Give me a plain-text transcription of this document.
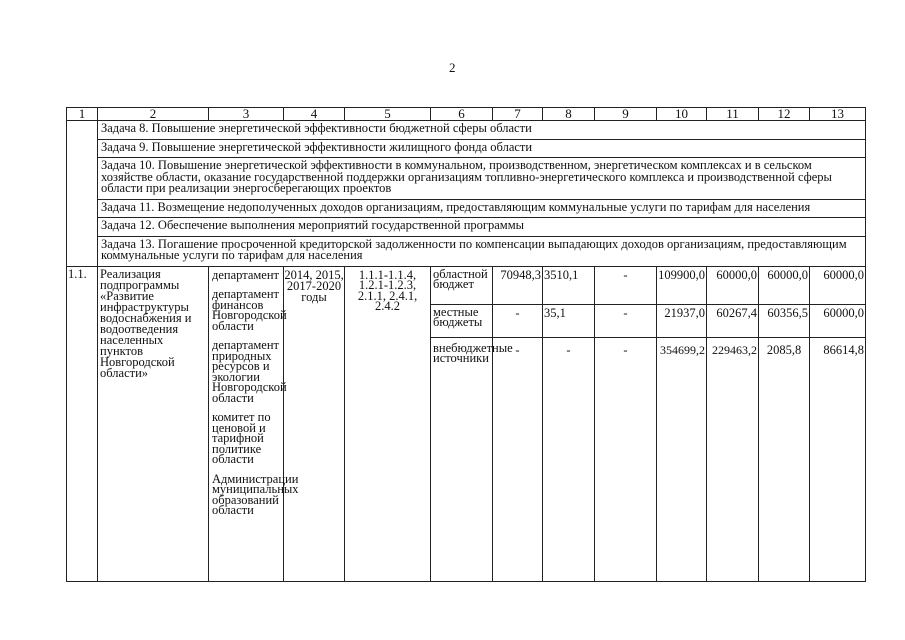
2
1	2	3	4	5	6	7	8	9	10	11	12	13
	Задача 8. Повышение энергетической эффективности бюджетной сферы области											
	Задача 9. Повышение энергетической эффективности жилищного фонда области											
	Задача 10. Повышение энергетической эффективности в коммунальном, производственном, энергетическом комплексах и в сельском хозяйстве области, оказание государственной поддержки организациям топливно-энергетического комплекса и производственной сферы области при реализации энергосберегающих проектов											
	Задача 11. Возмещение недополученных доходов организациям, предоставляющим коммунальные услуги по тарифам для населения											
	Задача 12. Обеспечение выполнения мероприятий государственной программы											
	Задача 13. Погашение просроченной кредиторской задолженности по компенсации выпадающих доходов организациям, предоставляющим коммунальные услуги по тарифам для населения											
1.1.	Реализация подпрограммы «Развитие инфраструктуры водоснабжения и водоотведения населенных пунктов Новгородской области»	департамент
департамент финансов Новгородской области
департамент природных ресурсов и экологии Новгородской области
комитет по ценовой и тарифной политике области
Администрации муниципальных образований области	2014, 2015, 2017-2020 годы	1.1.1-1.1.4, 1.2.1-1.2.3, 2.1.1, 2.4.1, 2.4.2	областной бюджет	70948,3	3510,1	-	109900,0	60000,0	60000,0	60000,0
					местные бюджеты	-	35,1	-	21937,0	60267,4	60356,5	60000,0
					внебюджетные источники	-	-	-	354699,2	229463,2	2085,8	86614,8
